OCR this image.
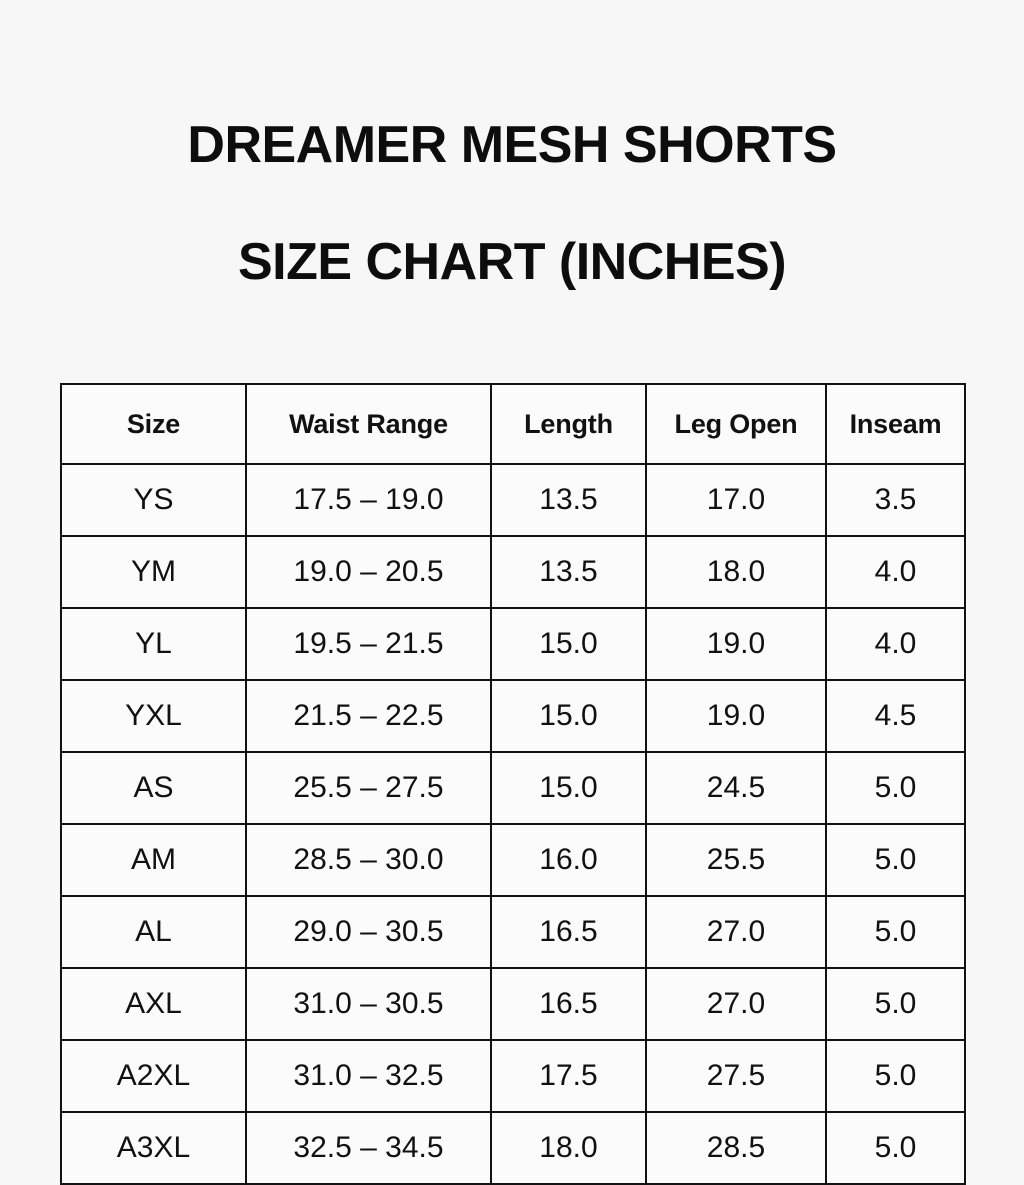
DREAMER MESH SHORTS

SIZE CHART (INCHES)

Size	Waist Range	Length	Leg Open	Inseam
YS	17.5 – 19.0	13.5	17.0	3.5
YM	19.0 – 20.5	13.5	18.0	4.0
YL	19.5 – 21.5	15.0	19.0	4.0
YXL	21.5 – 22.5	15.0	19.0	4.5
AS	25.5 – 27.5	15.0	24.5	5.0
AM	28.5 – 30.0	16.0	25.5	5.0
AL	29.0 – 30.5	16.5	27.0	5.0
AXL	31.0 – 30.5	16.5	27.0	5.0
A2XL	31.0 – 32.5	17.5	27.5	5.0
A3XL	32.5 – 34.5	18.0	28.5	5.0
